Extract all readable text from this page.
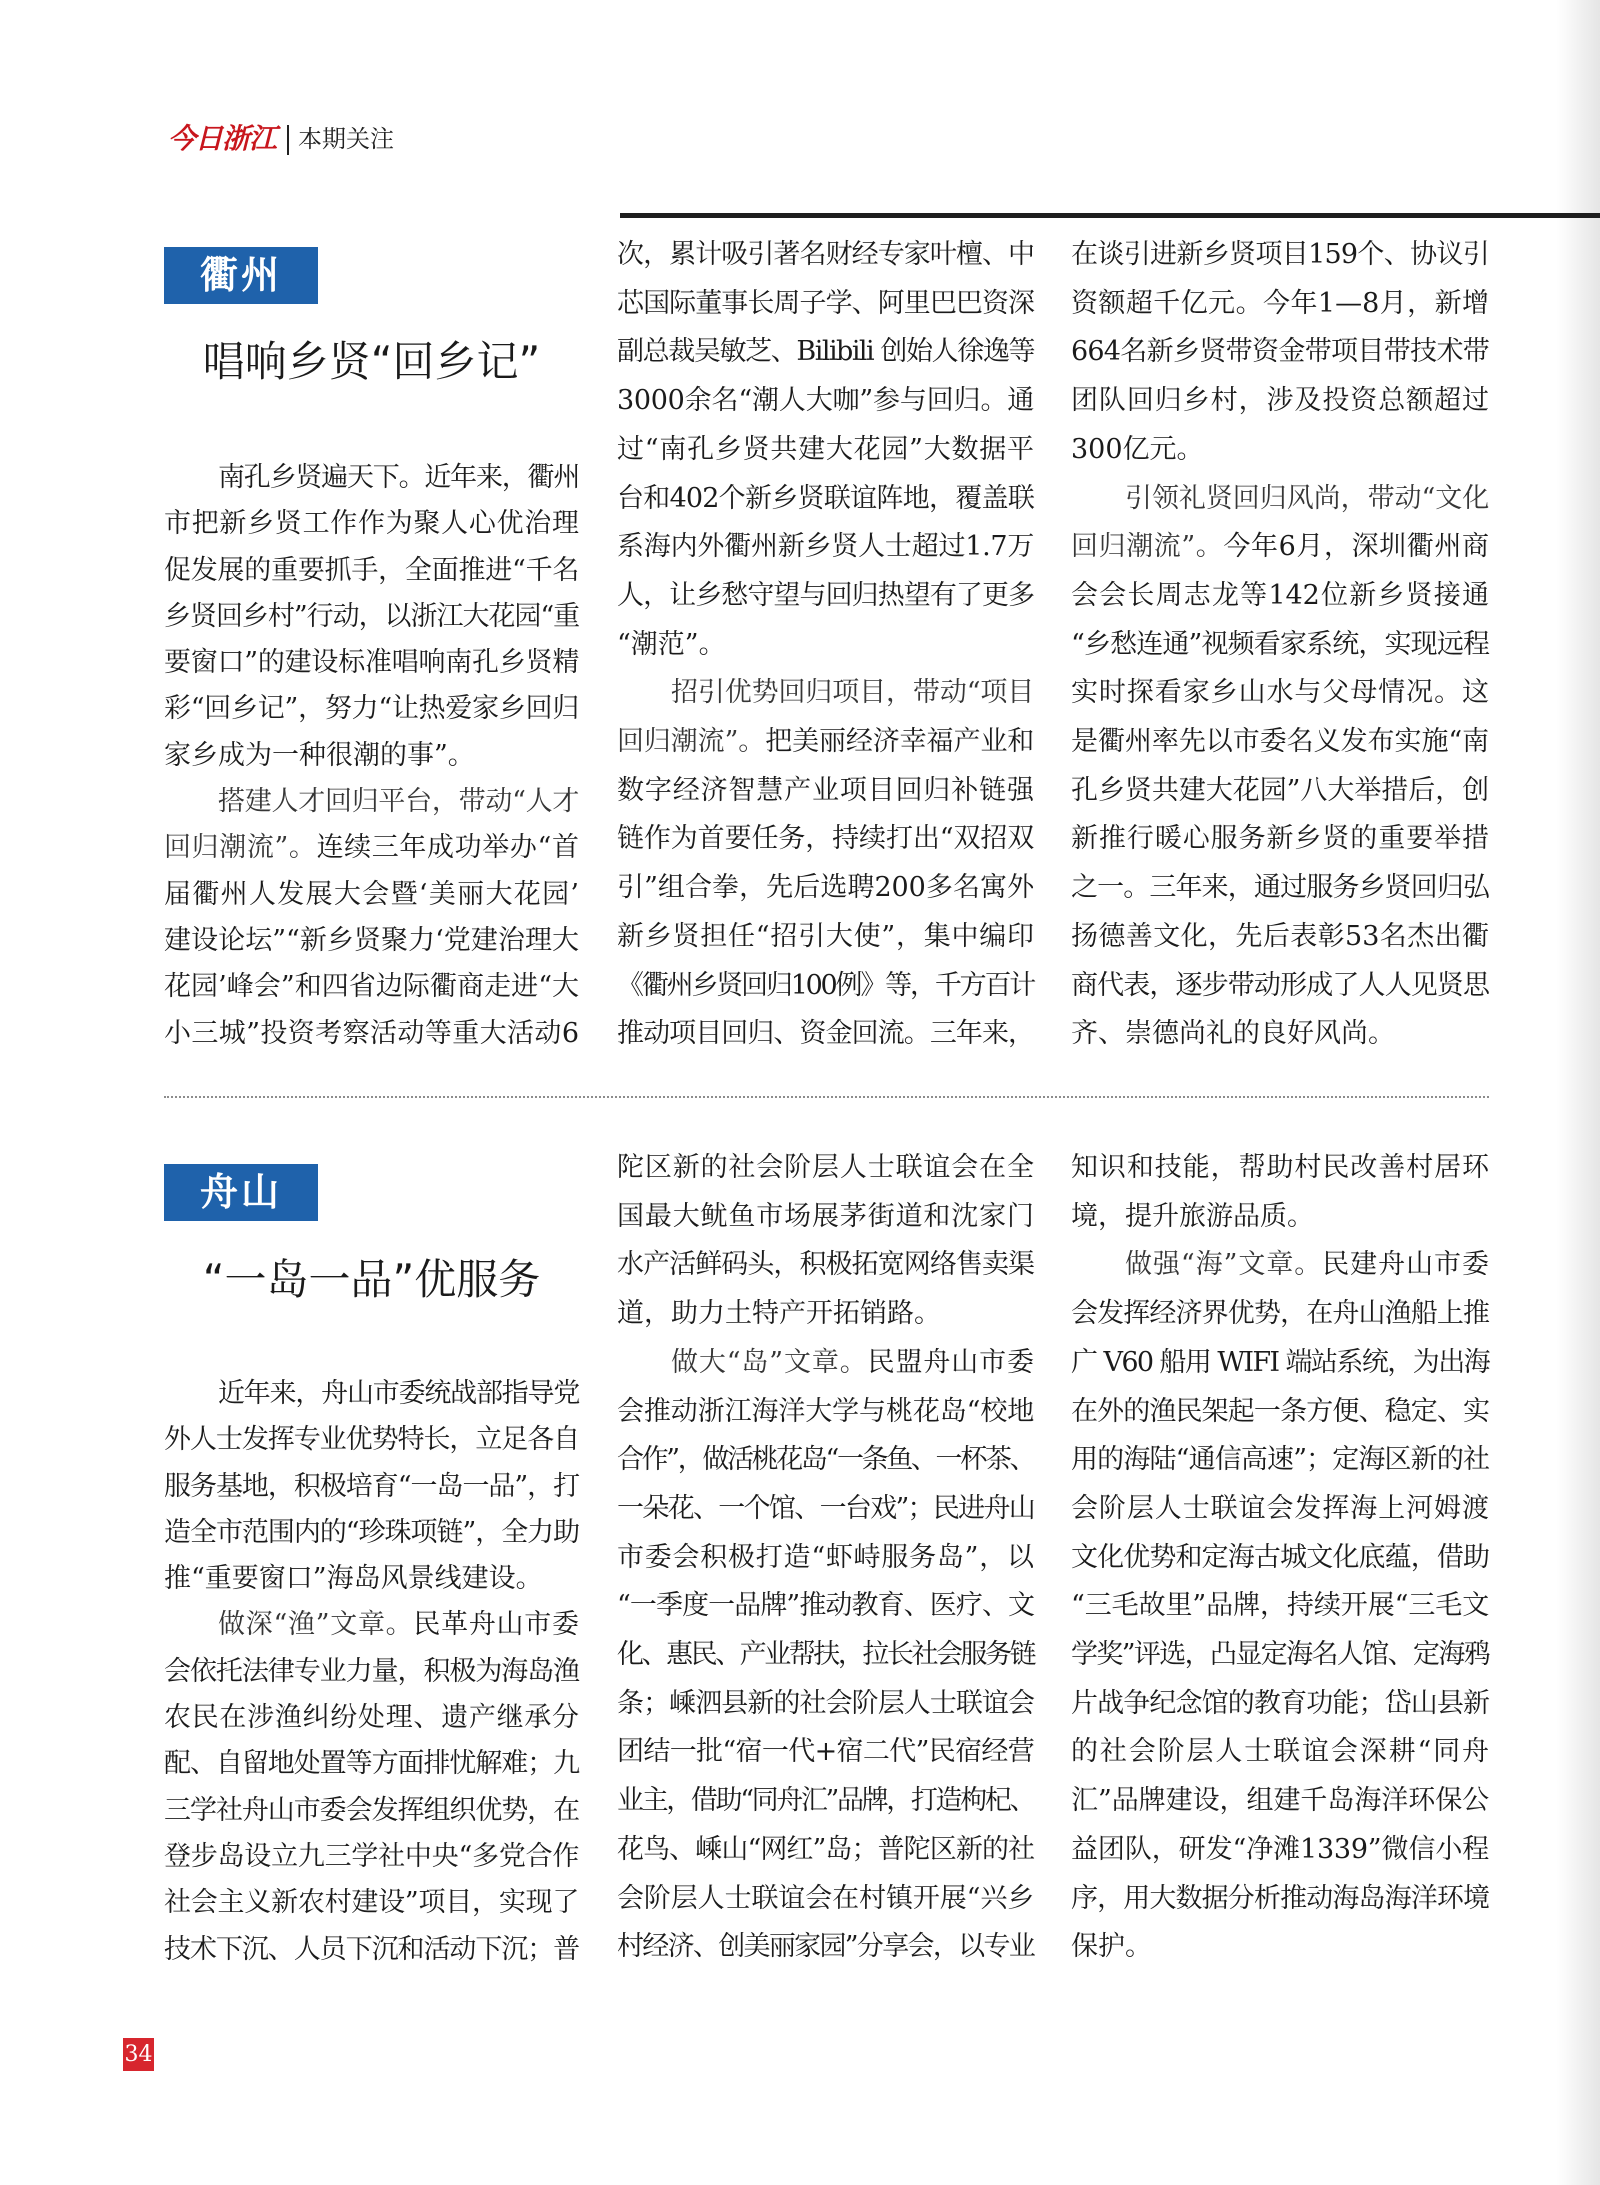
今日浙江 本期关注
衢州
唱响乡贤“回乡记”
南孔乡贤遍天下。近年来，衢州
市把新乡贤工作作为聚人心优治理
促发展的重要抓手，全面推进“千名
乡贤回乡村”行动，以浙江大花园“重
要窗口”的建设标准唱响南孔乡贤精
彩“回乡记”，努力“让热爱家乡回归
家乡成为一种很潮的事”。
搭建人才回归平台，带动“人才
回归潮流”。连续三年成功举办“首
届衢州人发展大会暨‘美丽大花园’
建设论坛”“新乡贤聚力‘党建治理大
花园’峰会”和四省边际衢商走进“大
小三城”投资考察活动等重大活动6
次，累计吸引著名财经专家叶檀、中
芯国际董事长周子学、阿里巴巴资深
副总裁吴敏芝、Bilibili 创始人徐逸等
3000余名“潮人大咖”参与回归。通
过“南孔乡贤共建大花园”大数据平
台和402个新乡贤联谊阵地，覆盖联
系海内外衢州新乡贤人士超过1.7万
人，让乡愁守望与回归热望有了更多
“潮范”。
招引优势回归项目，带动“项目
回归潮流”。把美丽经济幸福产业和
数字经济智慧产业项目回归补链强
链作为首要任务，持续打出“双招双
引”组合拳，先后选聘200多名寓外
新乡贤担任“招引大使”，集中编印
《衢州乡贤回归100例》等，千方百计
推动项目回归、资金回流。三年来，
在谈引进新乡贤项目159个、协议引
资额超千亿元。今年1—8月，新增
664名新乡贤带资金带项目带技术带
团队回归乡村，涉及投资总额超过
300亿元。
引领礼贤回归风尚，带动“文化
回归潮流”。今年6月，深圳衢州商
会会长周志龙等142位新乡贤接通
“乡愁连通”视频看家系统，实现远程
实时探看家乡山水与父母情况。这
是衢州率先以市委名义发布实施“南
孔乡贤共建大花园”八大举措后，创
新推行暖心服务新乡贤的重要举措
之一。三年来，通过服务乡贤回归弘
扬德善文化，先后表彰53名杰出衢
商代表，逐步带动形成了人人见贤思
齐、崇德尚礼的良好风尚。
舟山
“一岛一品”优服务
近年来，舟山市委统战部指导党
外人士发挥专业优势特长，立足各自
服务基地，积极培育“一岛一品”，打
造全市范围内的“珍珠项链”，全力助
推“重要窗口”海岛风景线建设。
做深“渔”文章。民革舟山市委
会依托法律专业力量，积极为海岛渔
农民在涉渔纠纷处理、遗产继承分
配、自留地处置等方面排忧解难；九
三学社舟山市委会发挥组织优势，在
登步岛设立九三学社中央“多党合作
社会主义新农村建设”项目，实现了
技术下沉、人员下沉和活动下沉；普
陀区新的社会阶层人士联谊会在全
国最大鱿鱼市场展茅街道和沈家门
水产活鲜码头，积极拓宽网络售卖渠
道，助力土特产开拓销路。
做大“岛”文章。民盟舟山市委
会推动浙江海洋大学与桃花岛“校地
合作”，做活桃花岛“一条鱼、一杯茶、
一朵花、一个馆、一台戏”；民进舟山
市委会积极打造“虾峙服务岛”，以
“一季度一品牌”推动教育、医疗、文
化、惠民、产业帮扶，拉长社会服务链
条；嵊泗县新的社会阶层人士联谊会
团结一批“宿一代+宿二代”民宿经营
业主，借助“同舟汇”品牌，打造枸杞、
花鸟、嵊山“网红”岛；普陀区新的社
会阶层人士联谊会在村镇开展“兴乡
村经济、创美丽家园”分享会，以专业
知识和技能，帮助村民改善村居环
境，提升旅游品质。
做强“海”文章。民建舟山市委
会发挥经济界优势，在舟山渔船上推
广 V60 船用 WIFI 端站系统，为出海
在外的渔民架起一条方便、稳定、实
用的海陆“通信高速”；定海区新的社
会阶层人士联谊会发挥海上河姆渡
文化优势和定海古城文化底蕴，借助
“三毛故里”品牌，持续开展“三毛文
学奖”评选，凸显定海名人馆、定海鸦
片战争纪念馆的教育功能；岱山县新
的社会阶层人士联谊会深耕“同舟
汇”品牌建设，组建千岛海洋环保公
益团队，研发“净滩1339”微信小程
序，用大数据分析推动海岛海洋环境
保护。
34
